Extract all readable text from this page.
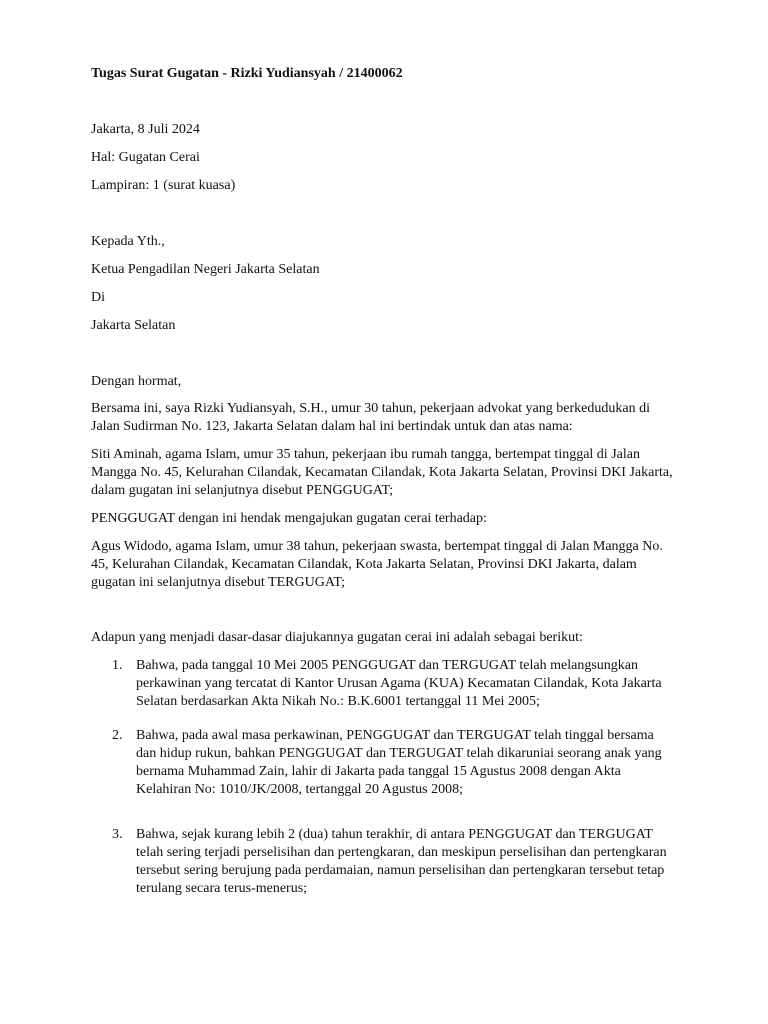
Tugas Surat Gugatan - Rizki Yudiansyah / 21400062

Jakarta, 8 Juli 2024

Hal: Gugatan Cerai

Lampiran: 1 (surat kuasa)

Kepada Yth.,

Ketua Pengadilan Negeri Jakarta Selatan

Di

Jakarta Selatan

Dengan hormat,

Bersama ini, saya Rizki Yudiansyah, S.H., umur 30 tahun, pekerjaan advokat yang berkedudukan di Jalan Sudirman No. 123, Jakarta Selatan dalam hal ini bertindak untuk dan atas nama:

Siti Aminah, agama Islam, umur 35 tahun, pekerjaan ibu rumah tangga, bertempat tinggal di Jalan Mangga No. 45, Kelurahan Cilandak, Kecamatan Cilandak, Kota Jakarta Selatan, Provinsi DKI Jakarta, dalam gugatan ini selanjutnya disebut PENGGUGAT;

PENGGUGAT dengan ini hendak mengajukan gugatan cerai terhadap:

Agus Widodo, agama Islam, umur 38 tahun, pekerjaan swasta, bertempat tinggal di Jalan Mangga No. 45, Kelurahan Cilandak, Kecamatan Cilandak, Kota Jakarta Selatan, Provinsi DKI Jakarta, dalam gugatan ini selanjutnya disebut TERGUGAT;

Adapun yang menjadi dasar-dasar diajukannya gugatan cerai ini adalah sebagai berikut:

1. Bahwa, pada tanggal 10 Mei 2005 PENGGUGAT dan TERGUGAT telah melangsungkan perkawinan yang tercatat di Kantor Urusan Agama (KUA) Kecamatan Cilandak, Kota Jakarta Selatan berdasarkan Akta Nikah No.: B.K.6001 tertanggal 11 Mei 2005;

2. Bahwa, pada awal masa perkawinan, PENGGUGAT dan TERGUGAT telah tinggal bersama dan hidup rukun, bahkan PENGGUGAT dan TERGUGAT telah dikaruniai seorang anak yang bernama Muhammad Zain, lahir di Jakarta pada tanggal 15 Agustus 2008 dengan Akta Kelahiran No: 1010/JK/2008, tertanggal 20 Agustus 2008;

3. Bahwa, sejak kurang lebih 2 (dua) tahun terakhir, di antara PENGGUGAT dan TERGUGAT telah sering terjadi perselisihan dan pertengkaran, dan meskipun perselisihan dan pertengkaran tersebut sering berujung pada perdamaian, namun perselisihan dan pertengkaran tersebut tetap terulang secara terus-menerus;
